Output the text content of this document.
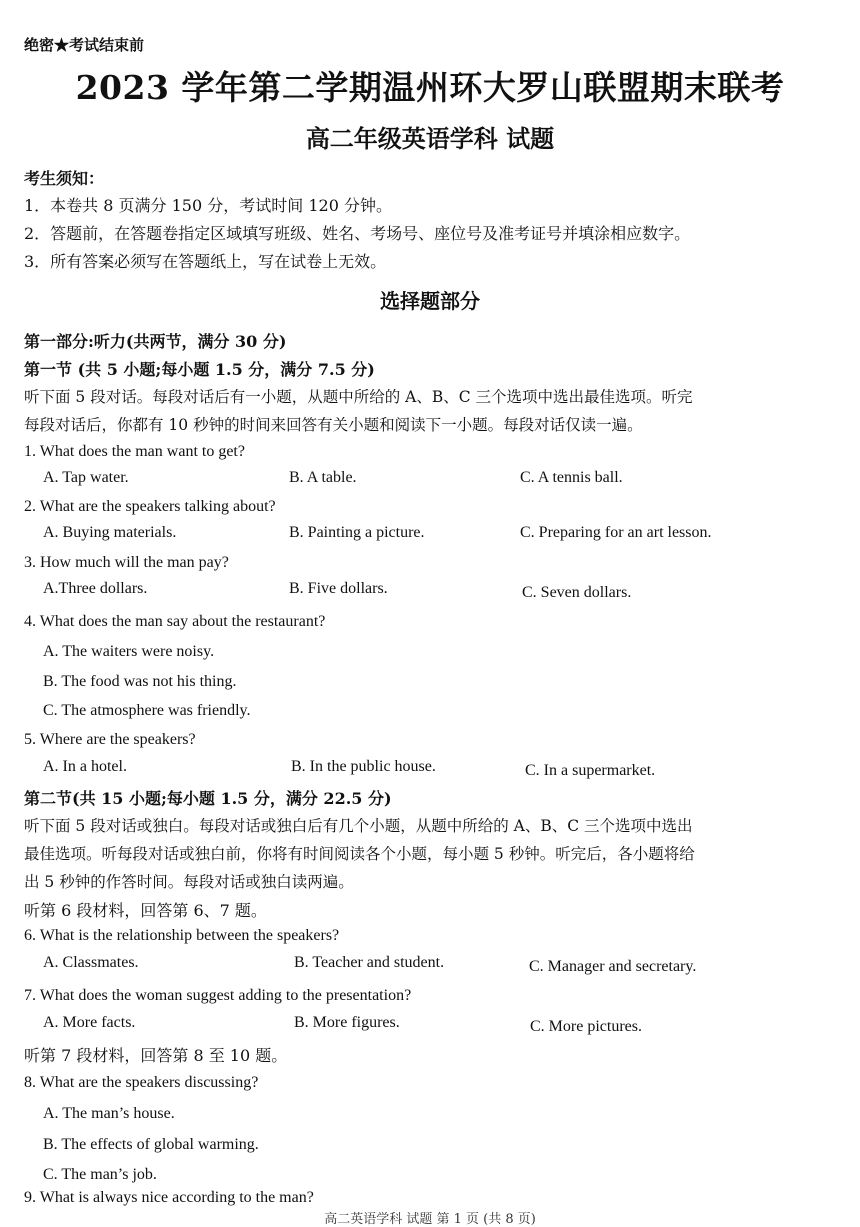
绝密★考试结束前
2023 学年第二学期温州环大罗山联盟期末联考
高二年级英语学科 试题
考生须知：
1．本卷共 8 页满分 150 分，考试时间 120 分钟。
2．答题前，在答题卷指定区域填写班级、姓名、考场号、座位号及准考证号并填涂相应数字。
3．所有答案必须写在答题纸上，写在试卷上无效。
选择题部分
第一部分:听力(共两节，满分 30 分)
第一节 (共 5 小题;每小题 1.5 分，满分 7.5 分)
听下面 5 段对话。每段对话后有一小题，从题中所给的 A、B、C 三个选项中选出最佳选项。听完
每段对话后，你都有 10 秒钟的时间来回答有关小题和阅读下一小题。每段对话仅读一遍。
1. What does the man want to get?
A. Tap water.	B. A table.	C. A tennis ball.
2. What are the speakers talking about?
A. Buying materials.	B. Painting a picture.	C. Preparing for an art lesson.
3. How much will the man pay?
A.Three dollars.	B. Five dollars.	C. Seven dollars.
4. What does the man say about the restaurant?
A. The waiters were noisy.
B. The food was not his thing.
C. The atmosphere was friendly.
5. Where are the speakers?
A. In a hotel.	B. In the public house.	C. In a supermarket.
第二节(共 15 小题;每小题 1.5 分，满分 22.5 分)
听下面 5 段对话或独白。每段对话或独白后有几个小题，从题中所给的 A、B、C 三个选项中选出
最佳选项。听每段对话或独白前，你将有时间阅读各个小题，每小题 5 秒钟。听完后，各小题将给
出 5 秒钟的作答时间。每段对话或独白读两遍。
听第 6 段材料，回答第 6、7 题。
6. What is the relationship between the speakers?
A. Classmates.	B. Teacher and student.	C. Manager and secretary.
7. What does the woman suggest adding to the presentation?
A. More facts.	B. More figures.	C. More pictures.
听第 7 段材料，回答第 8 至 10 题。
8. What are the speakers discussing?
A. The man’s house.
B. The effects of global warming.
C. The man’s job.
9. What is always nice according to the man?
高二英语学科 试题 第 1 页 (共 8 页)
